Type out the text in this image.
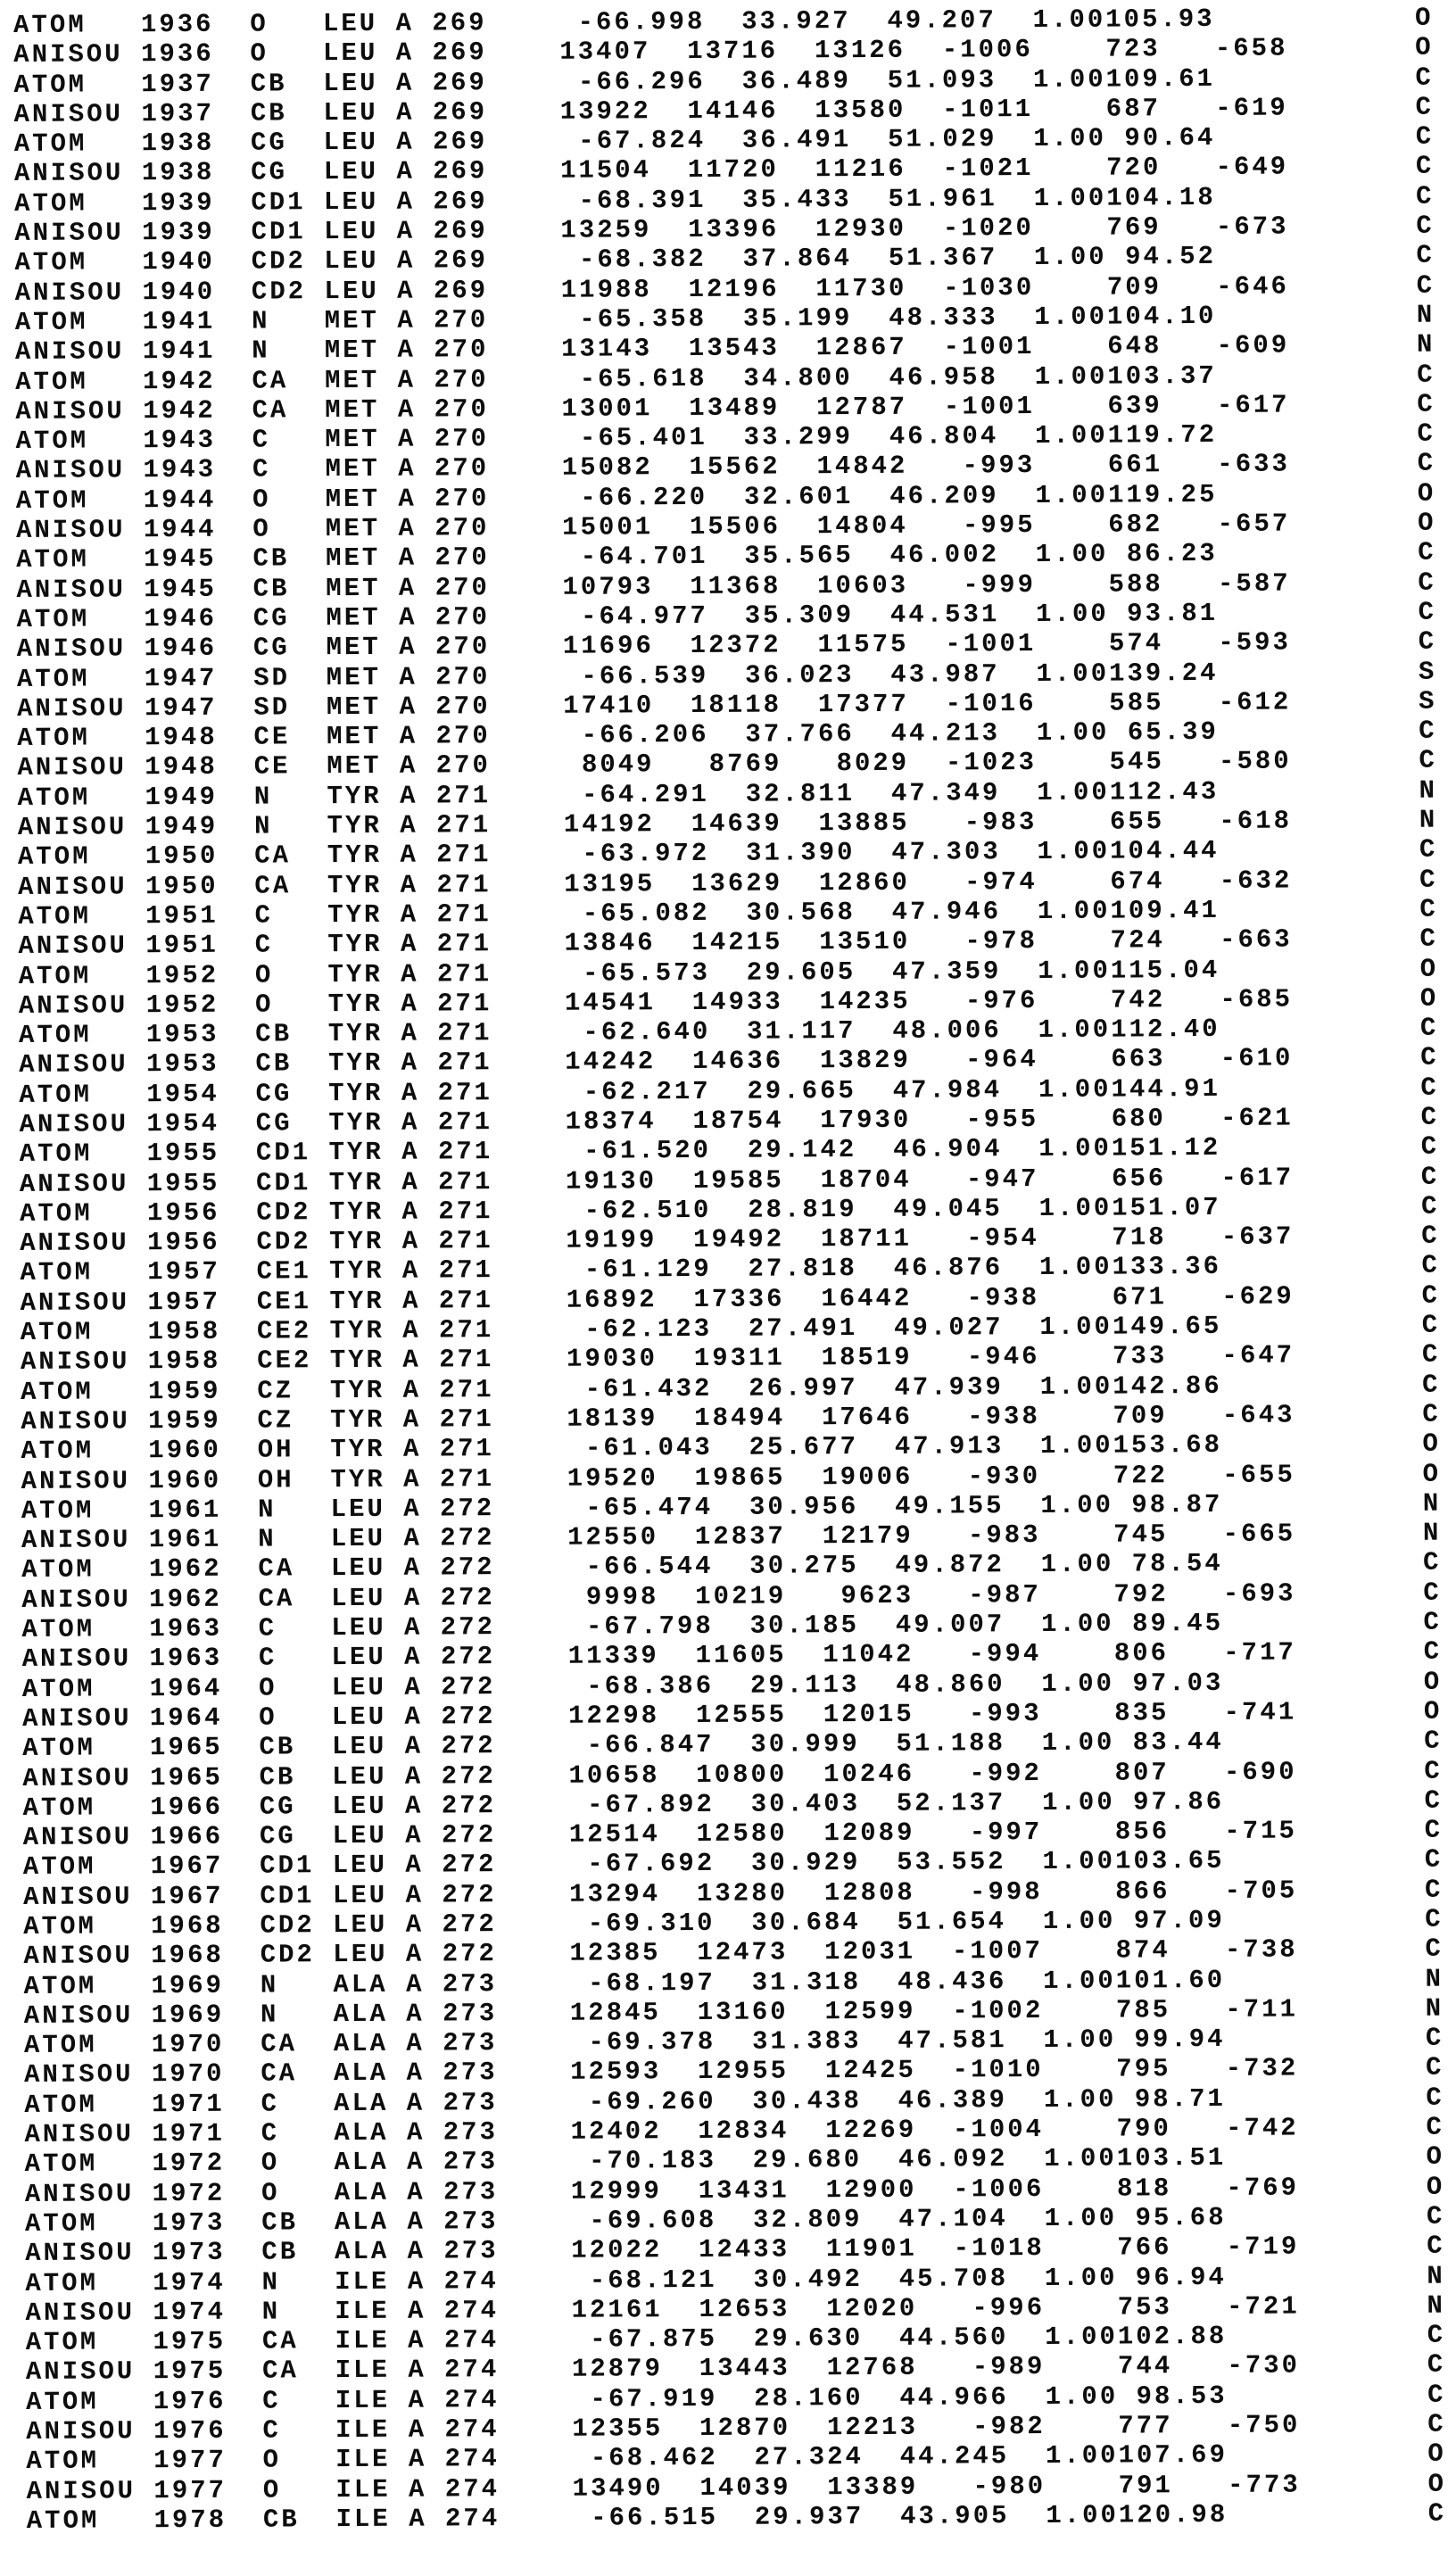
ATOM   1936  O   LEU A 269     -66.998  33.927  49.207  1.00105.93           O
ANISOU 1936  O   LEU A 269    13407  13716  13126  -1006    723   -658       O
ATOM   1937  CB  LEU A 269     -66.296  36.489  51.093  1.00109.61           C
ANISOU 1937  CB  LEU A 269    13922  14146  13580  -1011    687   -619       C
ATOM   1938  CG  LEU A 269     -67.824  36.491  51.029  1.00 90.64           C
ANISOU 1938  CG  LEU A 269    11504  11720  11216  -1021    720   -649       C
ATOM   1939  CD1 LEU A 269     -68.391  35.433  51.961  1.00104.18           C
ANISOU 1939  CD1 LEU A 269    13259  13396  12930  -1020    769   -673       C
ATOM   1940  CD2 LEU A 269     -68.382  37.864  51.367  1.00 94.52           C
ANISOU 1940  CD2 LEU A 269    11988  12196  11730  -1030    709   -646       C
ATOM   1941  N   MET A 270     -65.358  35.199  48.333  1.00104.10           N
ANISOU 1941  N   MET A 270    13143  13543  12867  -1001    648   -609       N
ATOM   1942  CA  MET A 270     -65.618  34.800  46.958  1.00103.37           C
ANISOU 1942  CA  MET A 270    13001  13489  12787  -1001    639   -617       C
ATOM   1943  C   MET A 270     -65.401  33.299  46.804  1.00119.72           C
ANISOU 1943  C   MET A 270    15082  15562  14842   -993    661   -633       C
ATOM   1944  O   MET A 270     -66.220  32.601  46.209  1.00119.25           O
ANISOU 1944  O   MET A 270    15001  15506  14804   -995    682   -657       O
ATOM   1945  CB  MET A 270     -64.701  35.565  46.002  1.00 86.23           C
ANISOU 1945  CB  MET A 270    10793  11368  10603   -999    588   -587       C
ATOM   1946  CG  MET A 270     -64.977  35.309  44.531  1.00 93.81           C
ANISOU 1946  CG  MET A 270    11696  12372  11575  -1001    574   -593       C
ATOM   1947  SD  MET A 270     -66.539  36.023  43.987  1.00139.24           S
ANISOU 1947  SD  MET A 270    17410  18118  17377  -1016    585   -612       S
ATOM   1948  CE  MET A 270     -66.206  37.766  44.213  1.00 65.39           C
ANISOU 1948  CE  MET A 270     8049   8769   8029  -1023    545   -580       C
ATOM   1949  N   TYR A 271     -64.291  32.811  47.349  1.00112.43           N
ANISOU 1949  N   TYR A 271    14192  14639  13885   -983    655   -618       N
ATOM   1950  CA  TYR A 271     -63.972  31.390  47.303  1.00104.44           C
ANISOU 1950  CA  TYR A 271    13195  13629  12860   -974    674   -632       C
ATOM   1951  C   TYR A 271     -65.082  30.568  47.946  1.00109.41           C
ANISOU 1951  C   TYR A 271    13846  14215  13510   -978    724   -663       C
ATOM   1952  O   TYR A 271     -65.573  29.605  47.359  1.00115.04           O
ANISOU 1952  O   TYR A 271    14541  14933  14235   -976    742   -685       O
ATOM   1953  CB  TYR A 271     -62.640  31.117  48.006  1.00112.40           C
ANISOU 1953  CB  TYR A 271    14242  14636  13829   -964    663   -610       C
ATOM   1954  CG  TYR A 271     -62.217  29.665  47.984  1.00144.91           C
ANISOU 1954  CG  TYR A 271    18374  18754  17930   -955    680   -621       C
ATOM   1955  CD1 TYR A 271     -61.520  29.142  46.904  1.00151.12           C
ANISOU 1955  CD1 TYR A 271    19130  19585  18704   -947    656   -617       C
ATOM   1956  CD2 TYR A 271     -62.510  28.819  49.045  1.00151.07           C
ANISOU 1956  CD2 TYR A 271    19199  19492  18711   -954    718   -637       C
ATOM   1957  CE1 TYR A 271     -61.129  27.818  46.876  1.00133.36           C
ANISOU 1957  CE1 TYR A 271    16892  17336  16442   -938    671   -629       C
ATOM   1958  CE2 TYR A 271     -62.123  27.491  49.027  1.00149.65           C
ANISOU 1958  CE2 TYR A 271    19030  19311  18519   -946    733   -647       C
ATOM   1959  CZ  TYR A 271     -61.432  26.997  47.939  1.00142.86           C
ANISOU 1959  CZ  TYR A 271    18139  18494  17646   -938    709   -643       C
ATOM   1960  OH  TYR A 271     -61.043  25.677  47.913  1.00153.68           O
ANISOU 1960  OH  TYR A 271    19520  19865  19006   -930    722   -655       O
ATOM   1961  N   LEU A 272     -65.474  30.956  49.155  1.00 98.87           N
ANISOU 1961  N   LEU A 272    12550  12837  12179   -983    745   -665       N
ATOM   1962  CA  LEU A 272     -66.544  30.275  49.872  1.00 78.54           C
ANISOU 1962  CA  LEU A 272     9998  10219   9623   -987    792   -693       C
ATOM   1963  C   LEU A 272     -67.798  30.185  49.007  1.00 89.45           C
ANISOU 1963  C   LEU A 272    11339  11605  11042   -994    806   -717       C
ATOM   1964  O   LEU A 272     -68.386  29.113  48.860  1.00 97.03           O
ANISOU 1964  O   LEU A 272    12298  12555  12015   -993    835   -741       O
ATOM   1965  CB  LEU A 272     -66.847  30.999  51.188  1.00 83.44           C
ANISOU 1965  CB  LEU A 272    10658  10800  10246   -992    807   -690       C
ATOM   1966  CG  LEU A 272     -67.892  30.403  52.137  1.00 97.86           C
ANISOU 1966  CG  LEU A 272    12514  12580  12089   -997    856   -715       C
ATOM   1967  CD1 LEU A 272     -67.692  30.929  53.552  1.00103.65           C
ANISOU 1967  CD1 LEU A 272    13294  13280  12808   -998    866   -705       C
ATOM   1968  CD2 LEU A 272     -69.310  30.684  51.654  1.00 97.09           C
ANISOU 1968  CD2 LEU A 272    12385  12473  12031  -1007    874   -738       C
ATOM   1969  N   ALA A 273     -68.197  31.318  48.436  1.00101.60           N
ANISOU 1969  N   ALA A 273    12845  13160  12599  -1002    785   -711       N
ATOM   1970  CA  ALA A 273     -69.378  31.383  47.581  1.00 99.94           C
ANISOU 1970  CA  ALA A 273    12593  12955  12425  -1010    795   -732       C
ATOM   1971  C   ALA A 273     -69.260  30.438  46.389  1.00 98.71           C
ANISOU 1971  C   ALA A 273    12402  12834  12269  -1004    790   -742       C
ATOM   1972  O   ALA A 273     -70.183  29.680  46.092  1.00103.51           O
ANISOU 1972  O   ALA A 273    12999  13431  12900  -1006    818   -769       O
ATOM   1973  CB  ALA A 273     -69.608  32.809  47.104  1.00 95.68           C
ANISOU 1973  CB  ALA A 273    12022  12433  11901  -1018    766   -719       C
ATOM   1974  N   ILE A 274     -68.121  30.492  45.708  1.00 96.94           N
ANISOU 1974  N   ILE A 274    12161  12653  12020   -996    753   -721       N
ATOM   1975  CA  ILE A 274     -67.875  29.630  44.560  1.00102.88           C
ANISOU 1975  CA  ILE A 274    12879  13443  12768   -989    744   -730       C
ATOM   1976  C   ILE A 274     -67.919  28.160  44.966  1.00 98.53           C
ANISOU 1976  C   ILE A 274    12355  12870  12213   -982    777   -750       C
ATOM   1977  O   ILE A 274     -68.462  27.324  44.245  1.00107.69           O
ANISOU 1977  O   ILE A 274    13490  14039  13389   -980    791   -773       O
ATOM   1978  CB  ILE A 274     -66.515  29.937  43.905  1.00120.98           C
